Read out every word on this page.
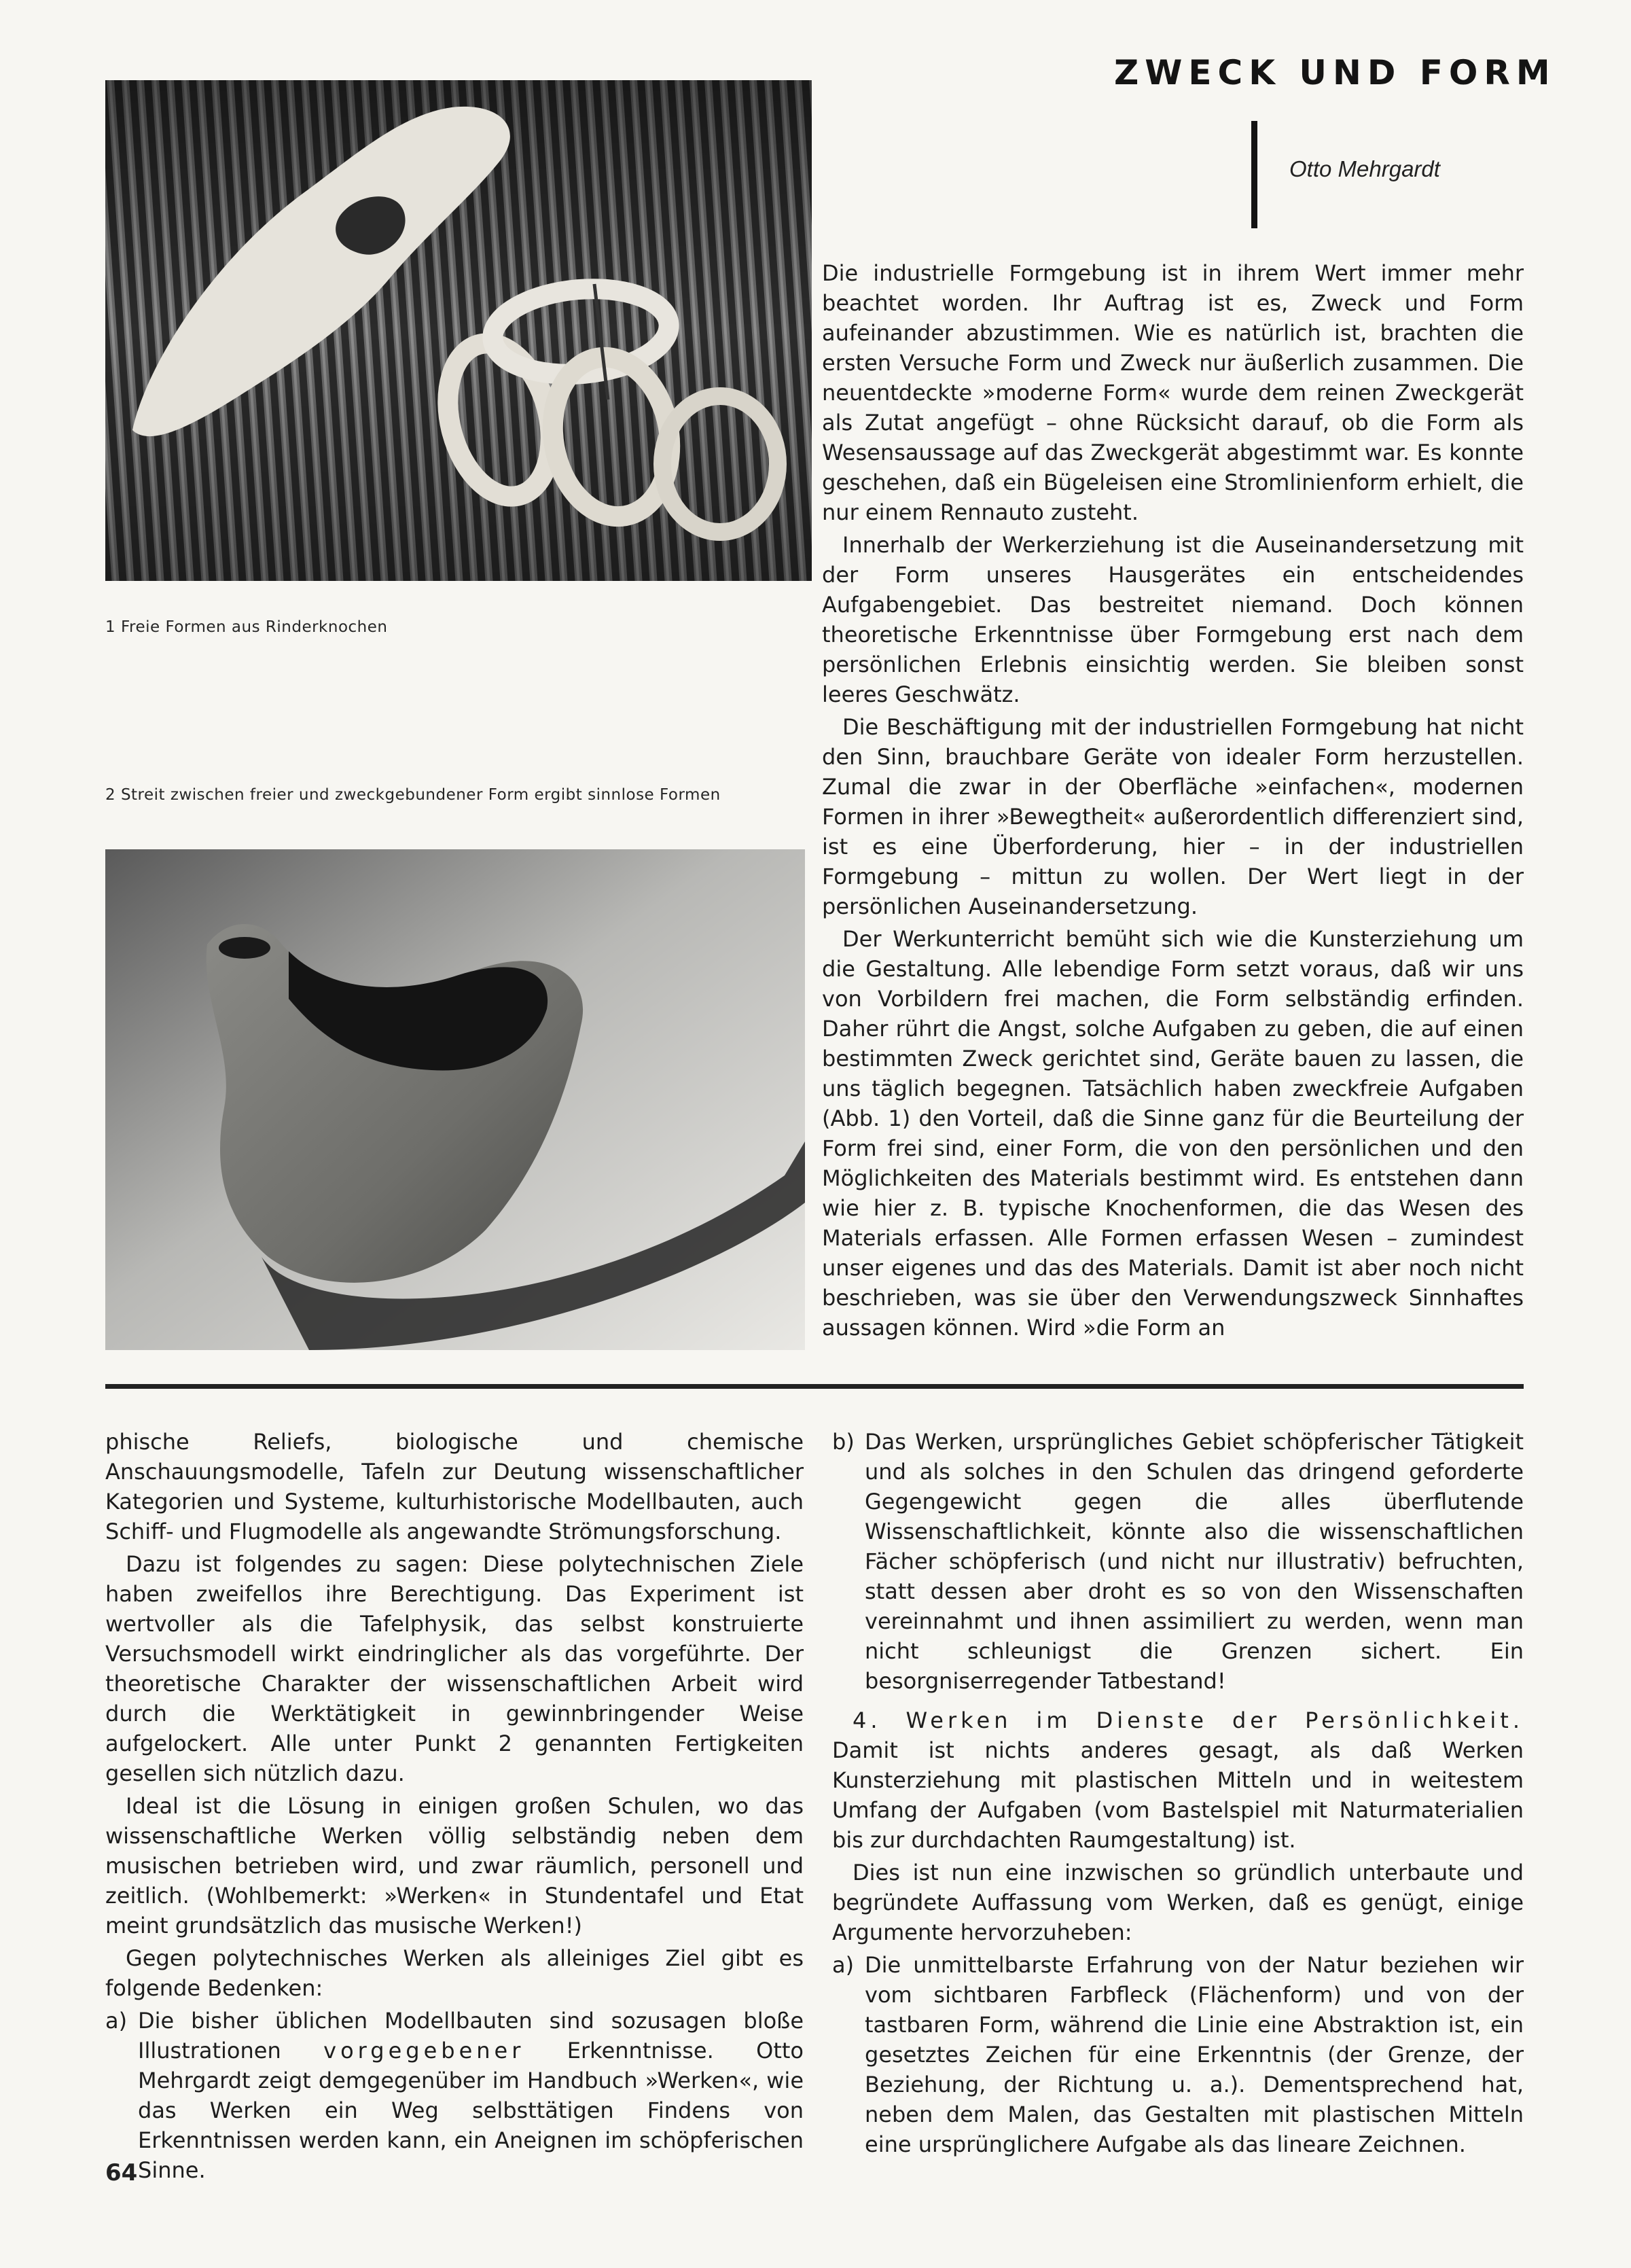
ZWECK UND FORM
Otto Mehrgardt
1 Freie Formen aus Rinderknochen
2 Streit zwischen freier und zweckgebundener Form ergibt sinnlose Formen

Die industrielle Formgebung ist in ihrem Wert immer mehr beachtet worden. Ihr Auftrag ist es, Zweck und Form aufeinander abzustimmen. Wie es natürlich ist, brachten die ersten Versuche Form und Zweck nur äußerlich zusammen. Die neuentdeckte »moderne Form« wurde dem reinen Zweckgerät als Zutat angefügt – ohne Rücksicht darauf, ob die Form als Wesensaussage auf das Zweckgerät abgestimmt war. Es konnte geschehen, daß ein Bügeleisen eine Stromlinienform erhielt, die nur einem Rennauto zusteht.

Innerhalb der Werkerziehung ist die Auseinandersetzung mit der Form unseres Hausgerätes ein entscheidendes Aufgabengebiet. Das bestreitet niemand. Doch können theoretische Erkenntnisse über Formgebung erst nach dem persönlichen Erlebnis einsichtig werden. Sie bleiben sonst leeres Geschwätz.

Die Beschäftigung mit der industriellen Formgebung hat nicht den Sinn, brauchbare Geräte von idealer Form herzustellen. Zumal die zwar in der Oberfläche »einfachen«, modernen Formen in ihrer »Bewegtheit« außerordentlich differenziert sind, ist es eine Überforderung, hier – in der industriellen Formgebung – mittun zu wollen. Der Wert liegt in der persönlichen Auseinandersetzung.

Der Werkunterricht bemüht sich wie die Kunsterziehung um die Gestaltung. Alle lebendige Form setzt voraus, daß wir uns von Vorbildern frei machen, die Form selbständig erfinden. Daher rührt die Angst, solche Aufgaben zu geben, die auf einen bestimmten Zweck gerichtet sind, Geräte bauen zu lassen, die uns täglich begegnen. Tatsächlich haben zweckfreie Aufgaben (Abb. 1) den Vorteil, daß die Sinne ganz für die Beurteilung der Form frei sind, einer Form, die von den persönlichen und den Möglichkeiten des Materials bestimmt wird. Es entstehen dann wie hier z. B. typische Knochenformen, die das Wesen des Materials erfassen. Alle Formen erfassen Wesen – zumindest unser eigenes und das des Materials. Damit ist aber noch nicht beschrieben, was sie über den Verwendungszweck Sinnhaftes aussagen können. Wird »die Form an

phische Reliefs, biologische und chemische Anschauungsmodelle, Tafeln zur Deutung wissenschaftlicher Kategorien und Systeme, kulturhistorische Modellbauten, auch Schiff- und Flugmodelle als angewandte Strömungsforschung.

Dazu ist folgendes zu sagen: Diese polytechnischen Ziele haben zweifellos ihre Berechtigung. Das Experiment ist wertvoller als die Tafelphysik, das selbst konstruierte Versuchsmodell wirkt eindringlicher als das vorgeführte. Der theoretische Charakter der wissenschaftlichen Arbeit wird durch die Werktätigkeit in gewinnbringender Weise aufgelockert. Alle unter Punkt 2 genannten Fertigkeiten gesellen sich nützlich dazu.

Ideal ist die Lösung in einigen großen Schulen, wo das wissenschaftliche Werken völlig selbständig neben dem musischen betrieben wird, und zwar räumlich, personell und zeitlich. (Wohlbemerkt: »Werken« in Stundentafel und Etat meint grundsätzlich das musische Werken!)

Gegen polytechnisches Werken als alleiniges Ziel gibt es folgende Bedenken:

a) Die bisher üblichen Modellbauten sind sozusagen bloße Illustrationen vorgegebener Erkenntnisse. Otto Mehrgardt zeigt demgegenüber im Handbuch »Werken«, wie das Werken ein Weg selbsttätigen Findens von Erkenntnissen werden kann, ein Aneignen im schöpferischen Sinne.

b) Das Werken, ursprüngliches Gebiet schöpferischer Tätigkeit und als solches in den Schulen das dringend geforderte Gegengewicht gegen die alles überflutende Wissenschaftlichkeit, könnte also die wissenschaftlichen Fächer schöpferisch (und nicht nur illustrativ) befruchten, statt dessen aber droht es so von den Wissenschaften vereinnahmt und ihnen assimiliert zu werden, wenn man nicht schleunigst die Grenzen sichert. Ein besorgniserregender Tatbestand!

4. Werken im Dienste der Persönlichkeit. Damit ist nichts anderes gesagt, als daß Werken Kunsterziehung mit plastischen Mitteln und in weitestem Umfang der Aufgaben (vom Bastelspiel mit Naturmaterialien bis zur durchdachten Raumgestaltung) ist.

Dies ist nun eine inzwischen so gründlich unterbaute und begründete Auffassung vom Werken, daß es genügt, einige Argumente hervorzuheben:

a) Die unmittelbarste Erfahrung von der Natur beziehen wir vom sichtbaren Farbfleck (Flächenform) und von der tastbaren Form, während die Linie eine Abstraktion ist, ein gesetztes Zeichen für eine Erkenntnis (der Grenze, der Beziehung, der Richtung u. a.). Dementsprechend hat, neben dem Malen, das Gestalten mit plastischen Mitteln eine ursprünglichere Aufgabe als das lineare Zeichnen.

64
